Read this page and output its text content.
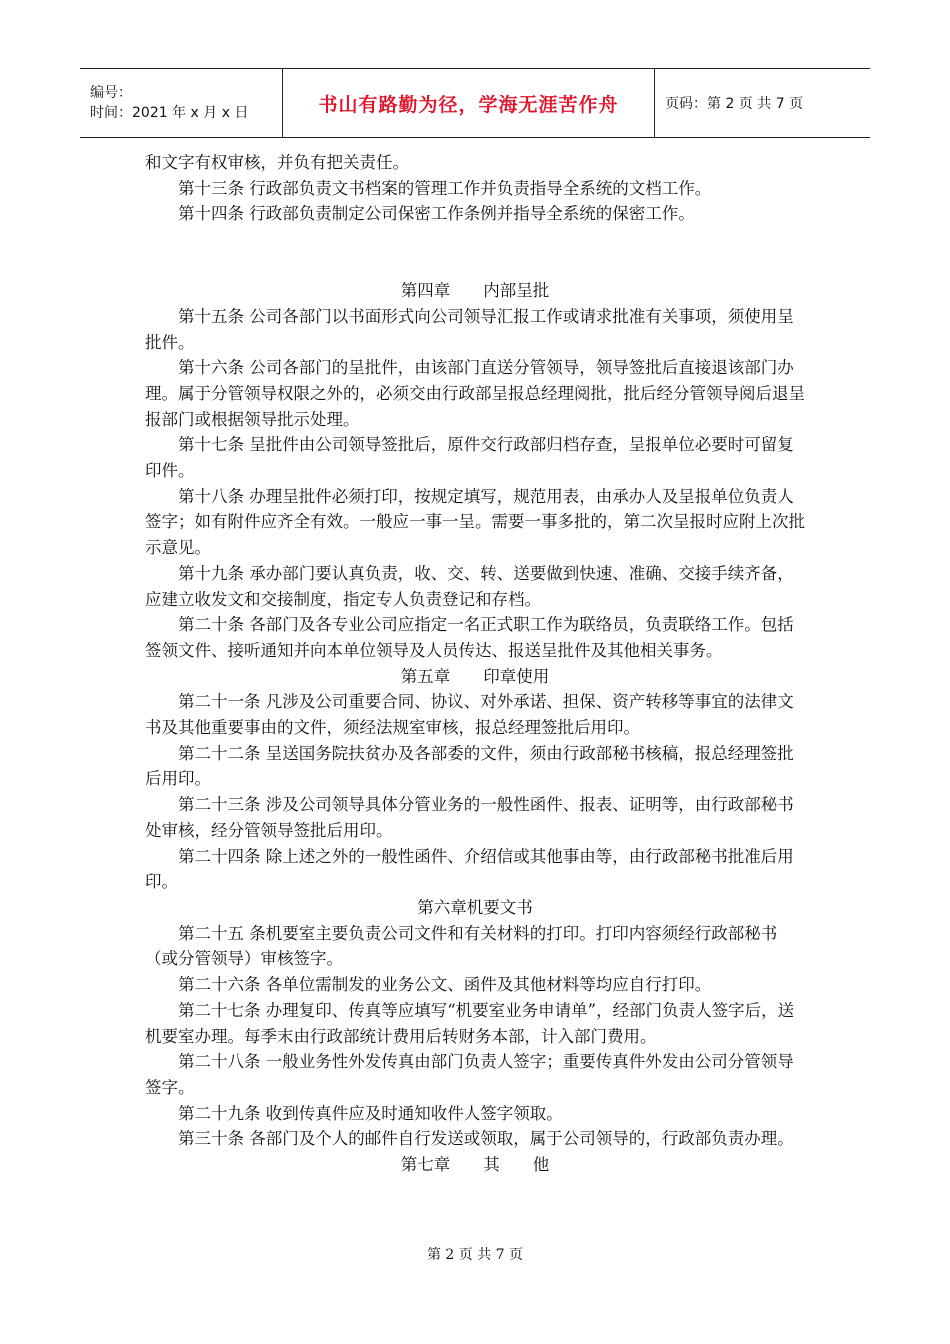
编号：
时间：2021 年 x 月 x 日	书山有路勤为径，学海无涯苦作舟	页码：第 2 页 共 7 页

和文字有权审核，并负有把关责任。

第十三条 行政部负责文书档案的管理工作并负责指导全系统的文档工作。

第十四条 行政部负责制定公司保密工作条例并指导全系统的保密工作。

第四章　　内部呈批

第十五条 公司各部门以书面形式向公司领导汇报工作或请求批准有关事项，须使用呈批件。

第十六条 公司各部门的呈批件，由该部门直送分管领导，领导签批后直接退该部门办理。属于分管领导权限之外的，必须交由行政部呈报总经理阅批，批后经分管领导阅后退呈报部门或根据领导批示处理。

第十七条 呈批件由公司领导签批后，原件交行政部归档存查，呈报单位必要时可留复印件。

第十八条 办理呈批件必须打印，按规定填写，规范用表，由承办人及呈报单位负责人签字；如有附件应齐全有效。一般应一事一呈。需要一事多批的，第二次呈报时应附上次批示意见。

第十九条 承办部门要认真负责，收、交、转、送要做到快速、准确、交接手续齐备，应建立收发文和交接制度，指定专人负责登记和存档。

第二十条 各部门及各专业公司应指定一名正式职工作为联络员，负责联络工作。包括签领文件、接听通知并向本单位领导及人员传达、报送呈批件及其他相关事务。

第五章　　印章使用

第二十一条 凡涉及公司重要合同、协议、对外承诺、担保、资产转移等事宜的法律文书及其他重要事由的文件，须经法规室审核，报总经理签批后用印。

第二十二条 呈送国务院扶贫办及各部委的文件，须由行政部秘书核稿，报总经理签批后用印。

第二十三条 涉及公司领导具体分管业务的一般性函件、报表、证明等，由行政部秘书处审核，经分管领导签批后用印。

第二十四条 除上述之外的一般性函件、介绍信或其他事由等，由行政部秘书批准后用印。

第六章机要文书

第二十五 条机要室主要负责公司文件和有关材料的打印。打印内容须经行政部秘书（或分管领导）审核签字。

第二十六条 各单位需制发的业务公文、函件及其他材料等均应自行打印。

第二十七条 办理复印、传真等应填写“机要室业务申请单”，经部门负责人签字后，送机要室办理。每季末由行政部统计费用后转财务本部，计入部门费用。

第二十八条 一般业务性外发传真由部门负责人签字；重要传真件外发由公司分管领导签字。

第二十九条 收到传真件应及时通知收件人签字领取。

第三十条 各部门及个人的邮件自行发送或领取，属于公司领导的，行政部负责办理。

第七章　　其　　他

第 2 页 共 7 页
